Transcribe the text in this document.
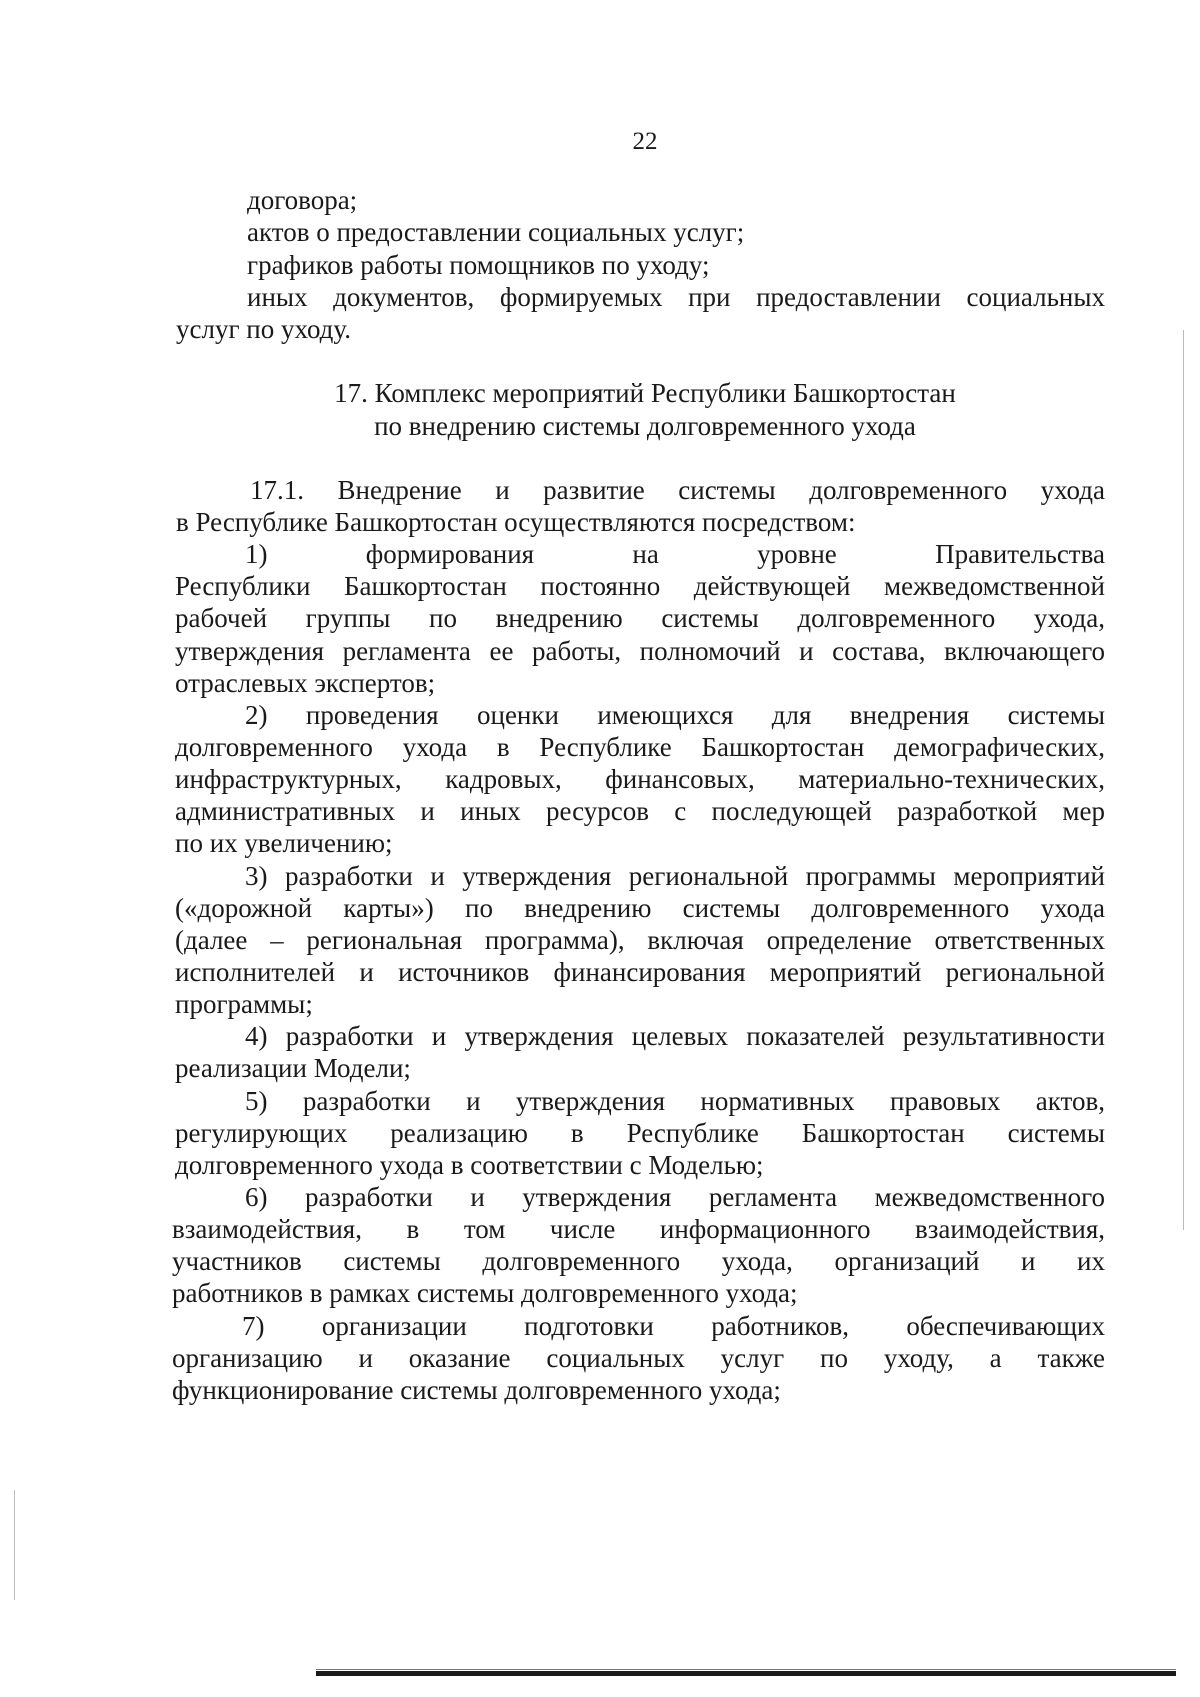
22
договора;
актов о предоставлении социальных услуг;
графиков работы помощников по уходу;
иных документов, формируемых при предоставлении социальных
услуг по уходу.
17. Комплекс мероприятий Республики Башкортостан
по внедрению системы долговременного ухода
17.1. Внедрение и развитие системы долговременного ухода
в Республике Башкортостан осуществляются посредством:
1) формирования на уровне Правительства
Республики Башкортостан постоянно действующей межведомственной
рабочей группы по внедрению системы долговременного ухода,
утверждения регламента ее работы, полномочий и состава, включающего
отраслевых экспертов;
2) проведения оценки имеющихся для внедрения системы
долговременного ухода в Республике Башкортостан демографических,
инфраструктурных, кадровых, финансовых, материально-технических,
административных и иных ресурсов с последующей разработкой мер
по их увеличению;
3) разработки и утверждения региональной программы мероприятий
(«дорожной карты») по внедрению системы долговременного ухода
(далее – региональная программа), включая определение ответственных
исполнителей и источников финансирования мероприятий региональной
программы;
4) разработки и утверждения целевых показателей результативности
реализации Модели;
5) разработки и утверждения нормативных правовых актов,
регулирующих реализацию в Республике Башкортостан системы
долговременного ухода в соответствии с Моделью;
6) разработки и утверждения регламента межведомственного
взаимодействия, в том числе информационного взаимодействия,
участников системы долговременного ухода, организаций и их
работников в рамках системы долговременного ухода;
7) организации подготовки работников, обеспечивающих
организацию и оказание социальных услуг по уходу, а также
функционирование системы долговременного ухода;
